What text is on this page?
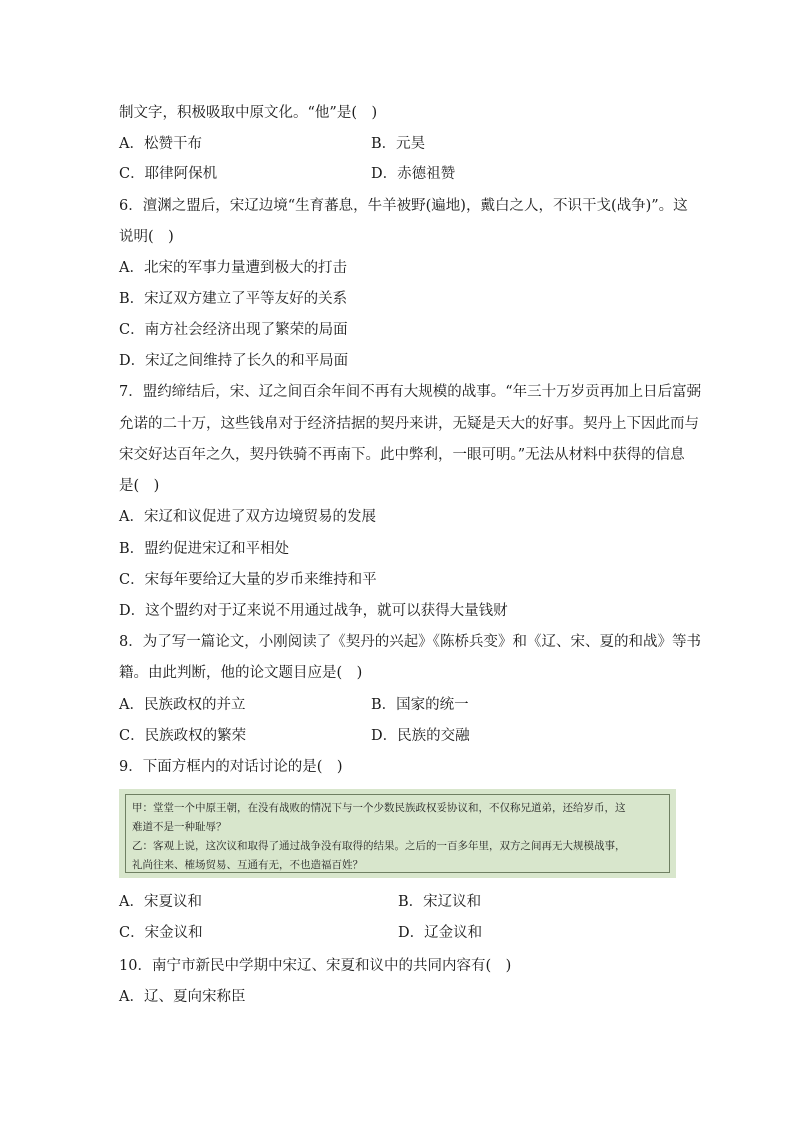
制文字，积极吸取中原文化。“他”是(　)
A．松赞干布	B．元昊
C．耶律阿保机	D．赤德祖赞
6．澶渊之盟后，宋辽边境“生育蕃息，牛羊被野(遍地)，戴白之人，不识干戈(战争)”。这
说明(　)
A．北宋的军事力量遭到极大的打击
B．宋辽双方建立了平等友好的关系
C．南方社会经济出现了繁荣的局面
D．宋辽之间维持了长久的和平局面
7．盟约缔结后，宋、辽之间百余年间不再有大规模的战事。“年三十万岁贡再加上日后富弼
允诺的二十万，这些钱帛对于经济拮据的契丹来讲，无疑是天大的好事。契丹上下因此而与
宋交好达百年之久，契丹铁骑不再南下。此中弊利，一眼可明。”无法从材料中获得的信息
是(　)
A．宋辽和议促进了双方边境贸易的发展
B．盟约促进宋辽和平相处
C．宋每年要给辽大量的岁币来维持和平
D．这个盟约对于辽来说不用通过战争，就可以获得大量钱财
8．为了写一篇论文，小刚阅读了《契丹的兴起》《陈桥兵变》和《辽、宋、夏的和战》等书
籍。由此判断，他的论文题目应是(　)
A．民族政权的并立	B．国家的统一
C．民族政权的繁荣	D．民族的交融
9．下面方框内的对话讨论的是(　)
甲：堂堂一个中原王朝，在没有战败的情况下与一个少数民族政权妥协议和，不仅称兄道弟，还给岁币，这
难道不是一种耻辱？
乙：客观上说，这次议和取得了通过战争没有取得的结果。之后的一百多年里，双方之间再无大规模战事，
礼尚往来、榷场贸易、互通有无，不也造福百姓？
A．宋夏议和	B．宋辽议和
C．宋金议和	D．辽金议和
10．南宁市新民中学期中宋辽、宋夏和议中的共同内容有(　)
A．辽、夏向宋称臣
